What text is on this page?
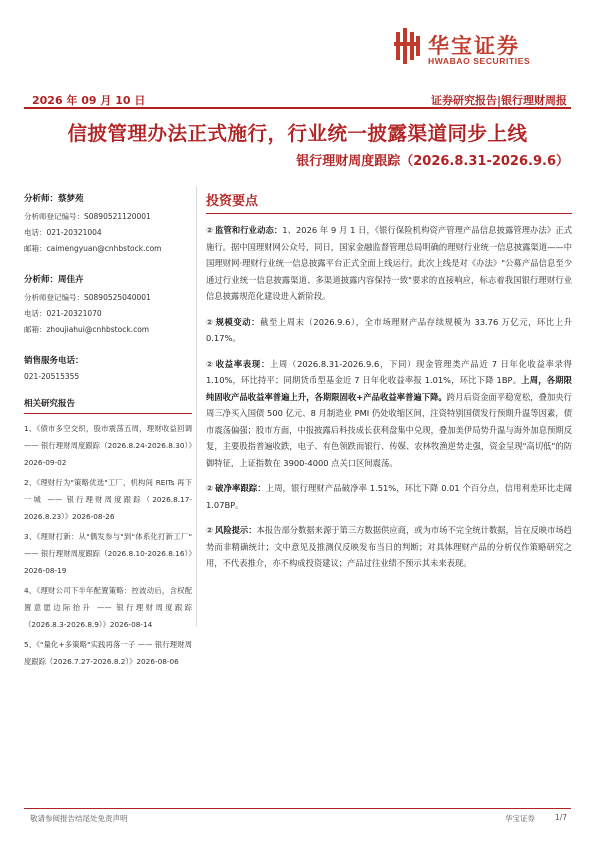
华宝证券
HWABAO SECURITIES
2026 年 09 月 10 日	证券研究报告|银行理财周报
信披管理办法正式施行，行业统一披露渠道同步上线
银行理财周度跟踪（2026.8.31-2026.9.6）
分析师：蔡梦苑
分析师登记编号：S0890521120001
电话：021-20321004
邮箱：caimengyuan@cnhbstock.com
分析师：周佳卉
分析师登记编号：S0890525040001
电话：021-20321070
邮箱：zhoujiahui@cnhbstock.com
销售服务电话：
021-20515355
相关研究报告
1、《债市多空交织，股市震荡五周，理财收益回调 —— 银行理财周度跟踪（2026.8.24-2026.8.30）》2026-09-02
2、《理财行为"策略优选"工厂，机构间 REITs 再下一城 —— 银行理财周度跟踪（2026.8.17-2026.8.23）》2026-08-26
3、《理财打新：从"偶发参与"到"体系化打新工厂" —— 银行理财周度跟踪（2026.8.10-2026.8.16）》2026-08-19
4、《理财公司下半年配置策略：控波动后，含权配置意愿边际抬升 —— 银行理财周度跟踪（2026.8.3-2026.8.9）》2026-08-14
5、《"量化+多策略"实践再落一子 —— 银行理财周度跟踪（2026.7.27-2026.8.2）》2026-08-06
投资要点

② 监管和行业动态：1、2026 年 9 月 1 日，《银行保险机构资产管理产品信息披露管理办法》正式施行。据中国理财网公众号，同日，国家金融监督管理总局明确的理财行业统一信息披露渠道——中国理财网·理财行业统一信息披露平台正式全面上线运行。此次上线是对《办法》"公募产品信息至少通过行业统一信息披露渠道、多渠道披露内容保持一致"要求的直接响应，标志着我国银行理财行业信息披露规范化建设进入新阶段。

② 规模变动：截至上周末（2026.9.6），全市场理财产品存续规模为 33.76 万亿元，环比上升 0.17%。

② 收益率表现：上周（2026.8.31-2026.9.6，下同）现金管理类产品近 7 日年化收益率录得 1.10%，环比持平；同期货币型基金近 7 日年化收益率报 1.01%，环比下降 1BP。上周，各期限纯固收产品收益率普遍上升，各期限固收+产品收益率普遍下降。跨月后资金面平稳宽松，叠加央行周三净买入国债 500 亿元、8 月制造业 PMI 仍处收缩区间，注资特别国债发行预期升温等因素，债市震荡偏强；股市方面，中报披露后科技成长获利盘集中兑现，叠加美伊局势升温与海外加息预期反复，主要股指普遍收跌，电子、有色领跌而银行、传媒、农林牧渔逆势走强，资金呈现"高切低"的防御特征，上证指数在 3900-4000 点关口区间震荡。

② 破净率跟踪：上周，银行理财产品破净率 1.51%，环比下降 0.01 个百分点，信用利差环比走阔 1.07BP。

② 风险提示：本报告部分数据来源于第三方数据供应商，或为市场不完全统计数据，旨在反映市场趋势而非精确统计；文中意见及推测仅反映发布当日的判断；对具体理财产品的分析仅作策略研究之用，不代表推介，亦不构成投资建议；产品过往业绩不预示其未来表现。

敬请参阅报告结尾处免责声明	华宝证券	1/7
